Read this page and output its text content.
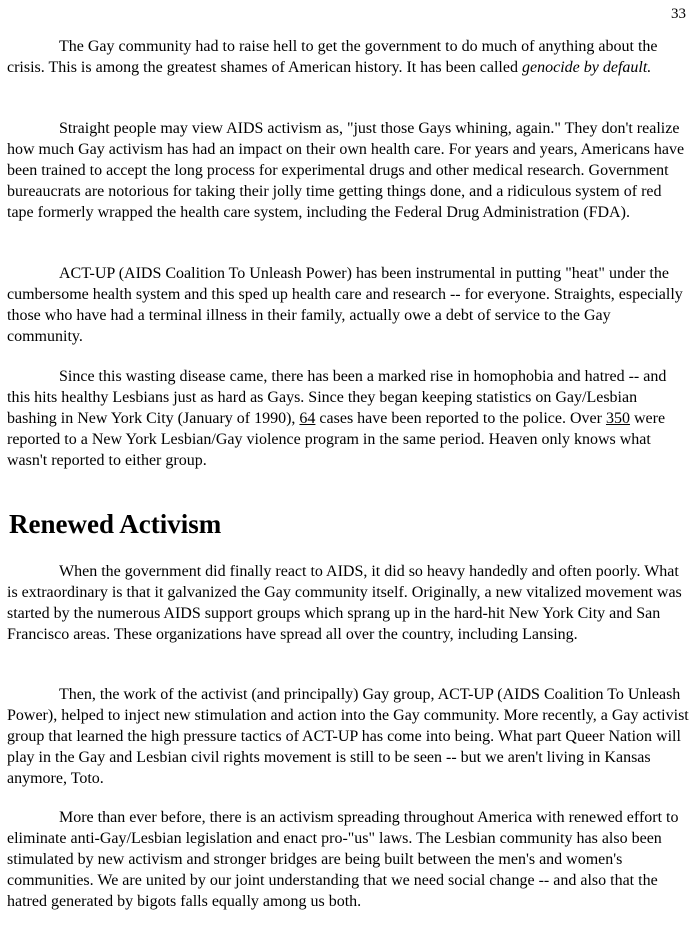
33

The Gay community had to raise hell to get the government to do much of anything about the crisis. This is among the greatest shames of American history. It has been called genocide by default.

Straight people may view AIDS activism as, "just those Gays whining, again." They don't realize how much Gay activism has had an impact on their own health care. For years and years, Americans have been trained to accept the long process for experimental drugs and other medical research. Government bureaucrats are notorious for taking their jolly time getting things done, and a ridiculous system of red tape formerly wrapped the health care system, including the Federal Drug Administration (FDA).

ACT-UP (AIDS Coalition To Unleash Power) has been instrumental in putting "heat" under the cumbersome health system and this sped up health care and research -- for everyone. Straights, especially those who have had a terminal illness in their family, actually owe a debt of service to the Gay community.

Since this wasting disease came, there has been a marked rise in homophobia and hatred -- and this hits healthy Lesbians just as hard as Gays. Since they began keeping statistics on Gay/Lesbian bashing in New York City (January of 1990), 64 cases have been reported to the police. Over 350 were reported to a New York Lesbian/Gay violence program in the same period. Heaven only knows what wasn't reported to either group.

Renewed Activism

When the government did finally react to AIDS, it did so heavy handedly and often poorly. What is extraordinary is that it galvanized the Gay community itself. Originally, a new vitalized movement was started by the numerous AIDS support groups which sprang up in the hard-hit New York City and San Francisco areas. These organizations have spread all over the country, including Lansing.

Then, the work of the activist (and principally) Gay group, ACT-UP (AIDS Coalition To Unleash Power), helped to inject new stimulation and action into the Gay community. More recently, a Gay activist group that learned the high pressure tactics of ACT-UP has come into being. What part Queer Nation will play in the Gay and Lesbian civil rights movement is still to be seen -- but we aren't living in Kansas anymore, Toto.

More than ever before, there is an activism spreading throughout America with renewed effort to eliminate anti-Gay/Lesbian legislation and enact pro-"us" laws. The Lesbian community has also been stimulated by new activism and stronger bridges are being built between the men's and women's communities. We are united by our joint understanding that we need social change -- and also that the hatred generated by bigots falls equally among us both.
